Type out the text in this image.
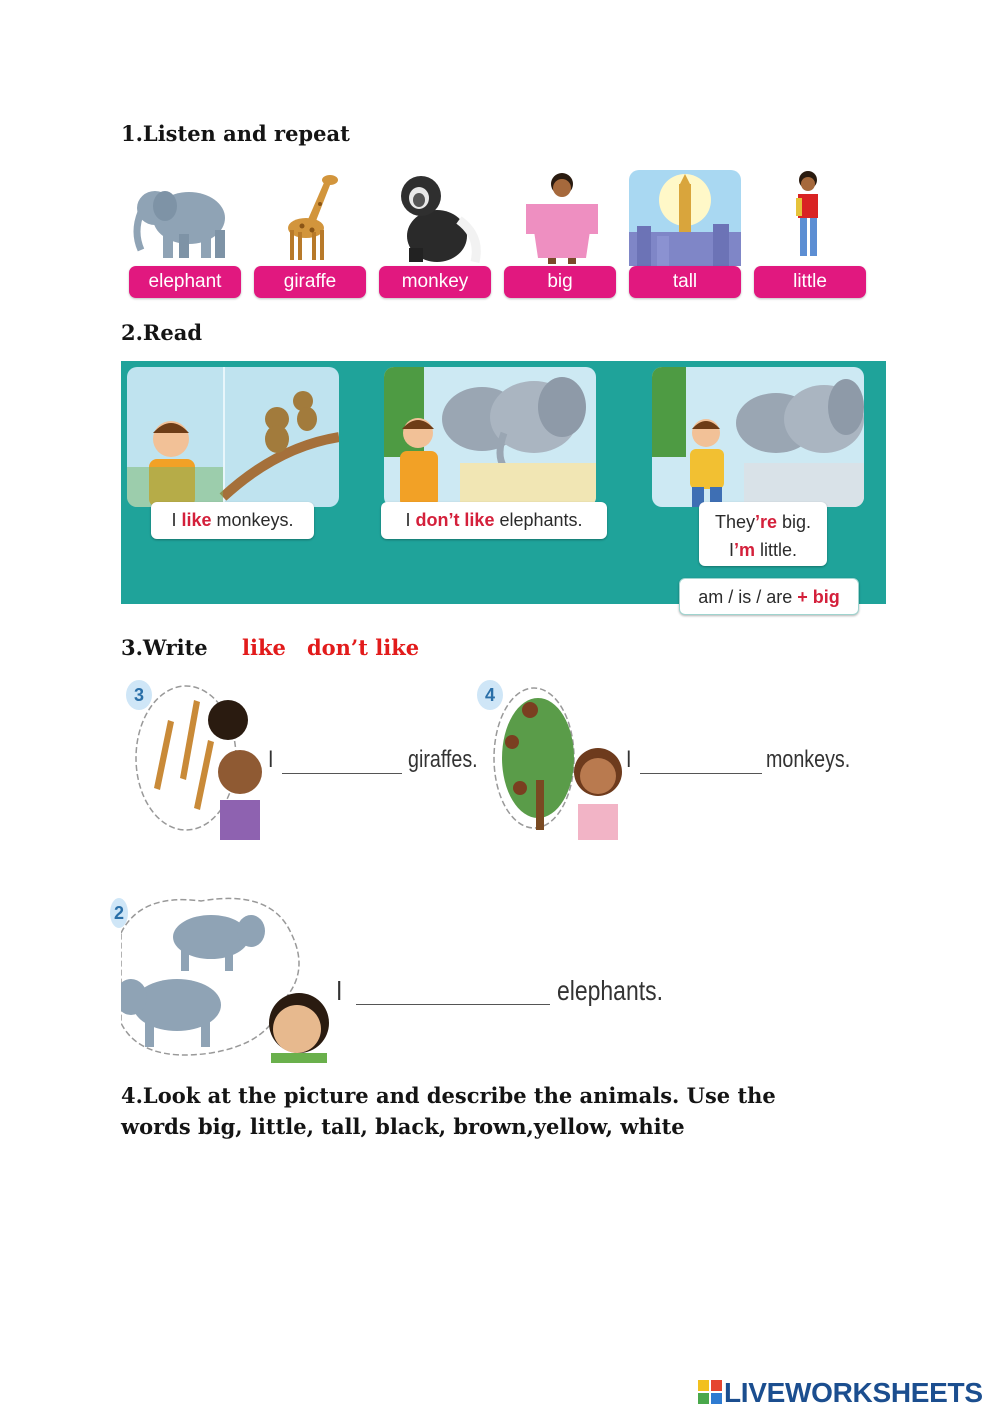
1.Listen and repeat
elephant	giraffe	monkey	big	tall	little
2.Read
I like monkeys.	I don’t like elephants.	They’re big.
I’m little.
am / is / are + big
3.Write like don’t like
3
I	giraffes.
4
I	monkeys.
2
I	elephants.
4.Look at the picture and describe the animals. Use the
words big, little, tall, black, brown,yellow, white
LIVEWORKSHEETS
